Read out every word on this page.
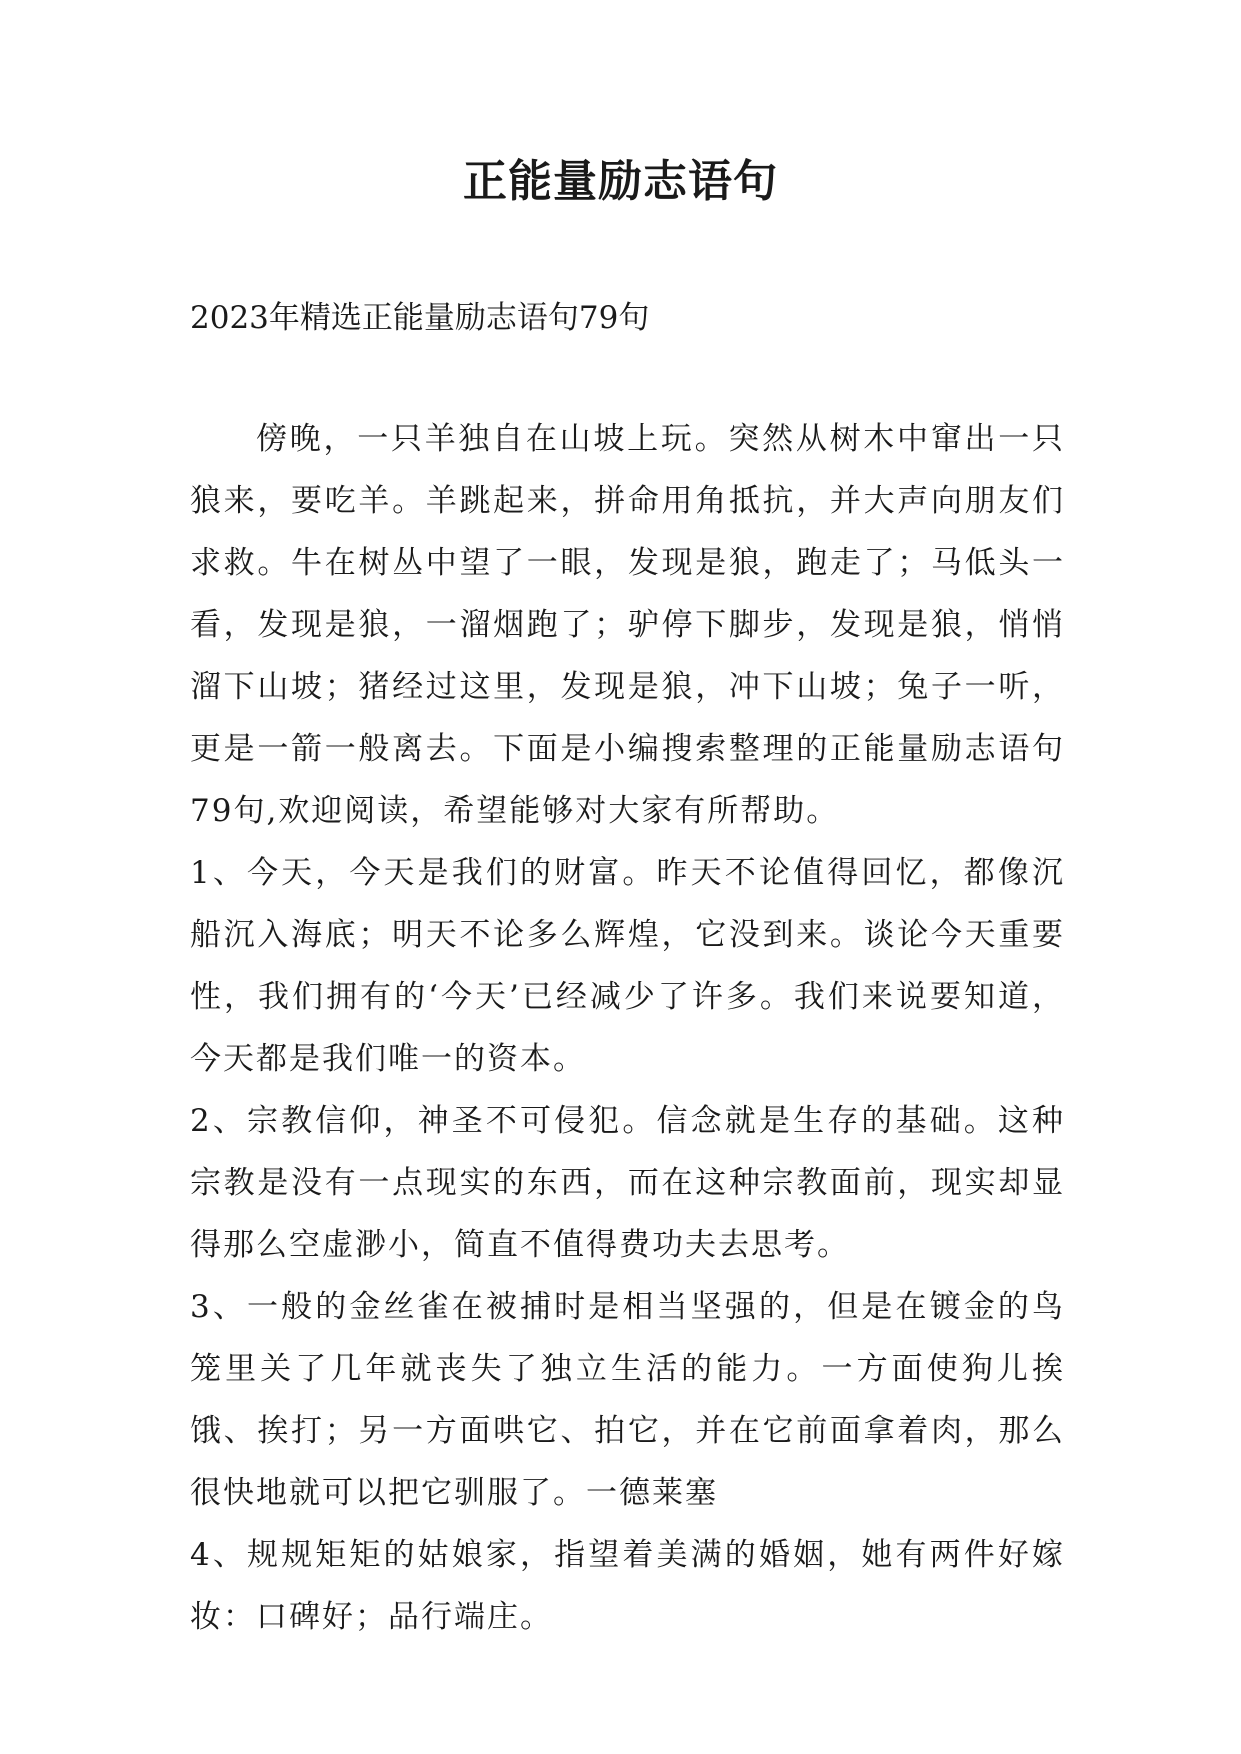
正能量励志语句
2023年精选正能量励志语句79句

傍晚，一只羊独自在山坡上玩。突然从树木中窜出一只狼来，要吃羊。羊跳起来，拼命用角抵抗，并大声向朋友们求救。牛在树丛中望了一眼，发现是狼，跑走了；马低头一看，发现是狼，一溜烟跑了；驴停下脚步，发现是狼，悄悄溜下山坡；猪经过这里，发现是狼，冲下山坡；兔子一听，更是一箭一般离去。下面是小编搜索整理的正能量励志语句79句,欢迎阅读，希望能够对大家有所帮助。

1、今天，今天是我们的财富。昨天不论值得回忆，都像沉船沉入海底；明天不论多么辉煌，它没到来。谈论今天重要性，我们拥有的‘今天’已经减少了许多。我们来说要知道，今天都是我们唯一的资本。

2、宗教信仰，神圣不可侵犯。信念就是生存的基础。这种宗教是没有一点现实的东西，而在这种宗教面前，现实却显得那么空虚渺小，简直不值得费功夫去思考。

3、一般的金丝雀在被捕时是相当坚强的，但是在镀金的鸟笼里关了几年就丧失了独立生活的能力。一方面使狗儿挨饿、挨打；另一方面哄它、拍它，并在它前面拿着肉，那么很快地就可以把它驯服了。一德莱塞

4、规规矩矩的姑娘家，指望着美满的婚姻，她有两件好嫁妆：口碑好；品行端庄。
